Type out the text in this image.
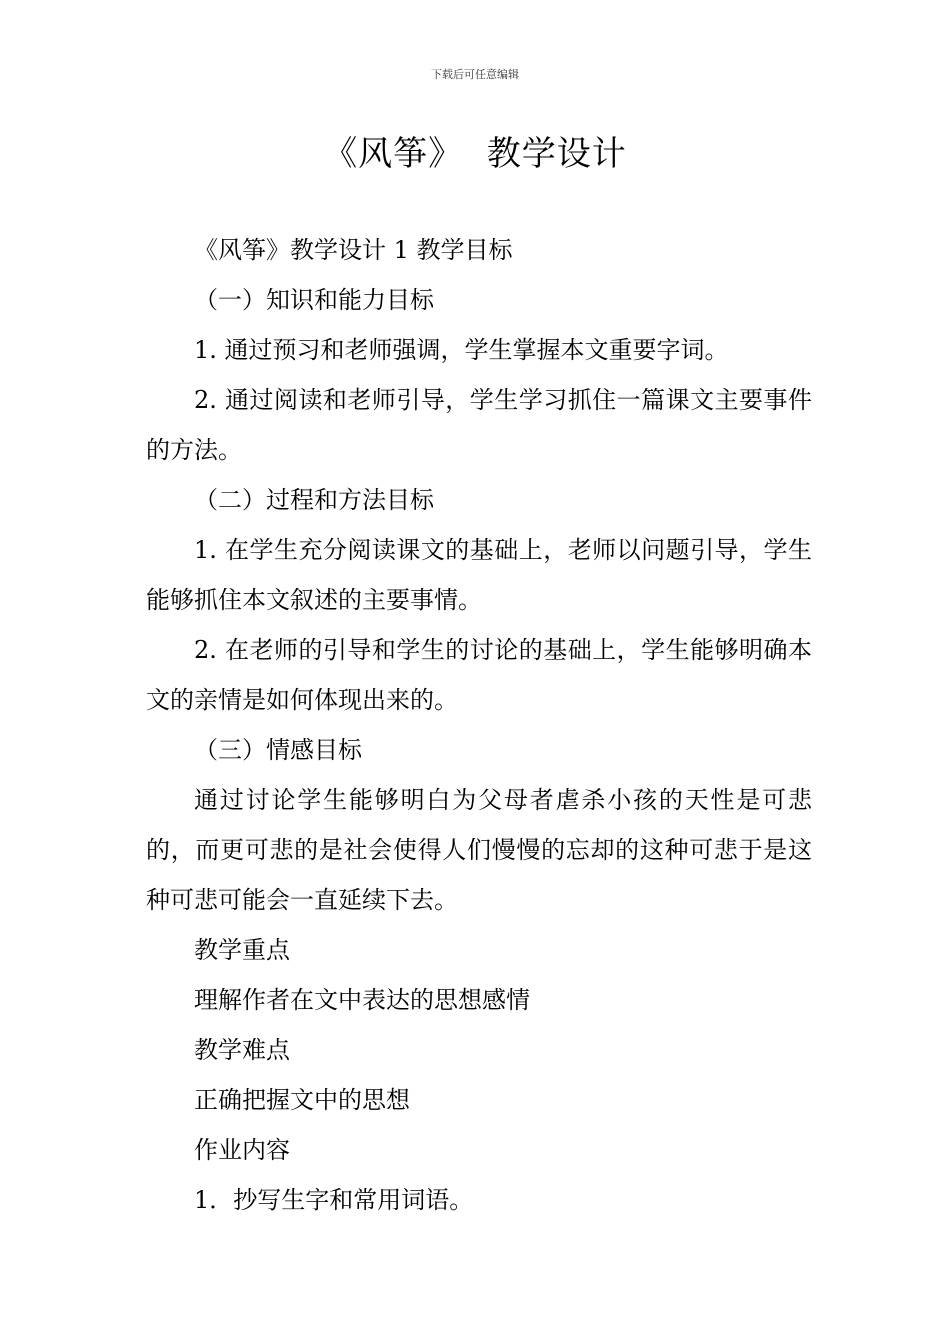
下载后可任意编辑
《风筝》  教学设计

《风筝》教学设计 1 教学目标

（一）知识和能力目标

1. 通过预习和老师强调，学生掌握本文重要字词。

2. 通过阅读和老师引导，学生学习抓住一篇课文主要事件的方法。

（二）过程和方法目标

1. 在学生充分阅读课文的基础上，老师以问题引导，学生能够抓住本文叙述的主要事情。

2. 在老师的引导和学生的讨论的基础上，学生能够明确本文的亲情是如何体现出来的。

（三）情感目标

通过讨论学生能够明白为父母者虐杀小孩的天性是可悲的，而更可悲的是社会使得人们慢慢的忘却的这种可悲于是这种可悲可能会一直延续下去。

教学重点

理解作者在文中表达的思想感情

教学难点

正确把握文中的思想

作业内容

1．抄写生字和常用词语。
